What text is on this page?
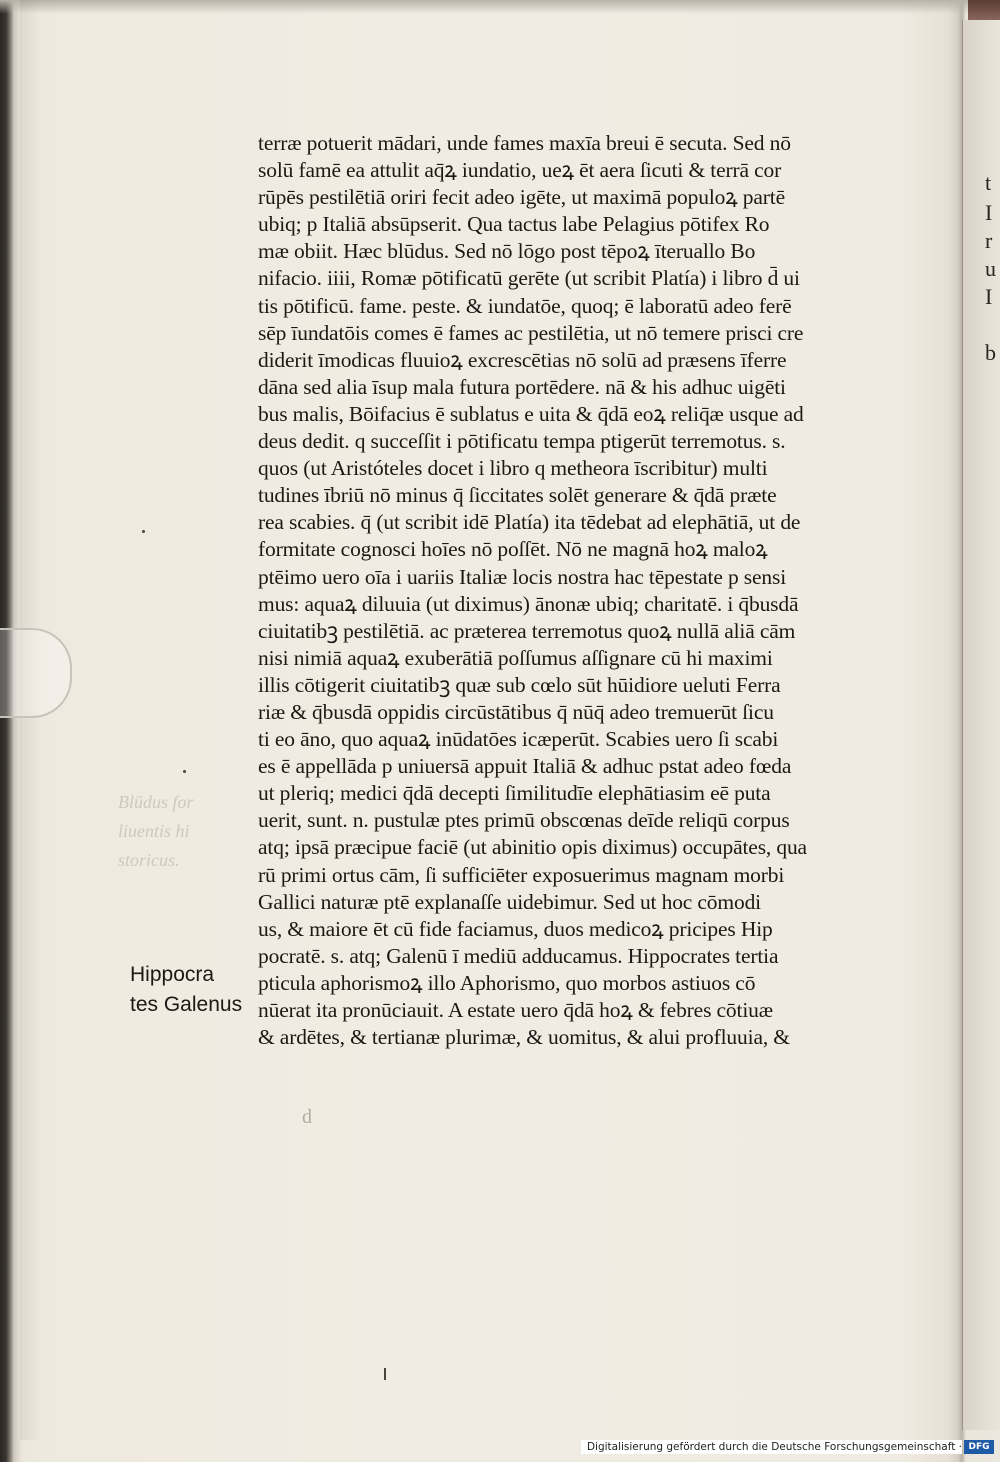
t
I
r
u
I
b
Blūdus for
liuentis hi
storicus.
Hippocra
tes Galenus
terræ potuerit mādari, unde fames maxīa breui ē secuta. Sed nō
solū famē ea attulit aq̄ꝝ iundatio, ueꝝ ēt aera ſicuti & terrā cor
rūpēs pestilētiā oriri fecit adeo igēte, ut maximā populoꝝ partē
ubiq; p Italiā absūpserit. Qua tactus labe Pelagius pōtifex Ro
mæ obiit. Hæc blūdus. Sed nō lōgo post tēpoꝝ īteruallo Bo
nifacio. iiii, Romæ pōtificatū gerēte (ut scribit Platía) i libro d̄ ui
tis pōtificū. fame. peste. & iundatōe, quoq; ē laboratū adeo ferē
sēp īundatōis comes ē fames ac pestilētia, ut nō temere prisci cre
diderit īmodicas fluuioꝝ excrescētias nō solū ad præsens īferre
dāna sed alia īsup mala futura portēdere. nā & his adhuc uigēti
bus malis, Bōifacius ē sublatus e uita & q̄dā eoꝝ reliq̄æ usque ad
deus dedit. q succeſſit i pōtificatu tempa ptigerūt terremotus. s.
quos (ut Aristóteles docet i libro q metheora īscribitur) multi
tudines ībriū nō minus q̄ ſiccitates solēt generare & q̄dā præte
rea scabies. q̄ (ut scribit idē Platía) ita tēdebat ad elephātiā, ut de
formitate cognosci hoīes nō poſſēt. Nō ne magnā hoꝝ maloꝝ
ptēimo uero oīa i uariis Italiæ locis nostra hac tēpestate p sensi
mus: aquaꝝ diluuia (ut diximus) ānonæ ubiq; charitatē. i q̄busdā
ciuitatibꝫ pestilētiā. ac præterea terremotus quoꝝ nullā aliā cām
nisi nimiā aquaꝝ exuberātiā poſſumus aſſignare cū hi maximi
illis cōtigerit ciuitatibꝫ quæ sub cœlo sūt hūidiore ueluti Ferra
riæ & q̄busdā oppidis circūstātibus q̄ nūq̄ adeo tremuerūt ſicu
ti eo āno, quo aquaꝝ inūdatōes icæperūt. Scabies uero ſi scabi
es ē appellāda p uniuersā appuit Italiā & adhuc pstat adeo fœda
ut pleriq; medici q̄dā decepti ſimilitudīe elephātiasim eē puta
uerit, sunt. n. pustulæ ptes primū obscœnas deīde reliqū corpus
atq; ipsā præcipue faciē (ut abinitio opis diximus) occupātes, qua
rū primi ortus cām, ſi sufficiēter exposuerimus magnam morbi
Gallici naturæ ptē explanaſſe uidebimur. Sed ut hoc cōmodi
us, & maiore ēt cū fide faciamus, duos medicoꝝ pricipes Hip
pocratē. s. atq; Galenū ī mediū adducamus. Hippocrates tertia
pticula aphorismoꝝ illo Aphorismo, quo morbos astiuos cō
nūerat ita pronūciauit. A estate uero q̄dā hoꝝ & febres cōtiuæ
& ardētes, & tertianæ plurimæ, & uomitus, & alui profluuia, &
d
Digitalisierung gefördert durch die Deutsche Forschungsgemeinschaft · DFG
